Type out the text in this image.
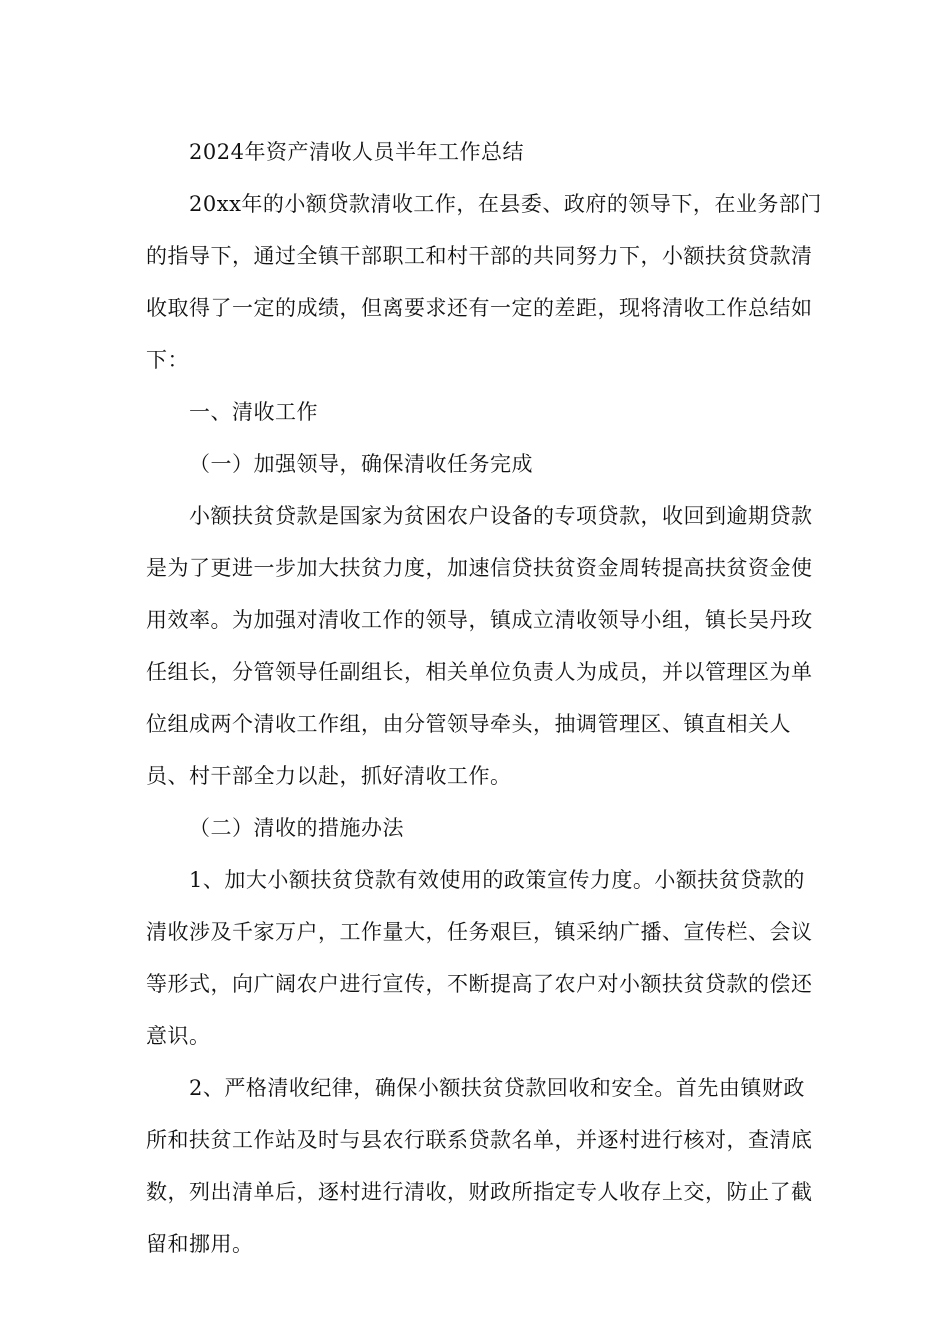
2024年资产清收人员半年工作总结

20xx年的小额贷款清收工作，在县委、政府的领导下，在业务部门的指导下，通过全镇干部职工和村干部的共同努力下，小额扶贫贷款清收取得了一定的成绩，但离要求还有一定的差距，现将清收工作总结如下：

一、清收工作

（一）加强领导，确保清收任务完成

小额扶贫贷款是国家为贫困农户设备的专项贷款，收回到逾期贷款是为了更进一步加大扶贫力度，加速信贷扶贫资金周转提高扶贫资金使用效率。为加强对清收工作的领导，镇成立清收领导小组，镇长吴丹玫任组长，分管领导任副组长，相关单位负责人为成员，并以管理区为单位组成两个清收工作组，由分管领导牵头，抽调管理区、镇直相关人员、村干部全力以赴，抓好清收工作。

（二）清收的措施办法

1、加大小额扶贫贷款有效使用的政策宣传力度。小额扶贫贷款的清收涉及千家万户，工作量大，任务艰巨，镇采纳广播、宣传栏、会议等形式，向广阔农户进行宣传，不断提高了农户对小额扶贫贷款的偿还意识。

2、严格清收纪律，确保小额扶贫贷款回收和安全。首先由镇财政所和扶贫工作站及时与县农行联系贷款名单，并逐村进行核对，查清底数，列出清单后，逐村进行清收，财政所指定专人收存上交，防止了截留和挪用。
